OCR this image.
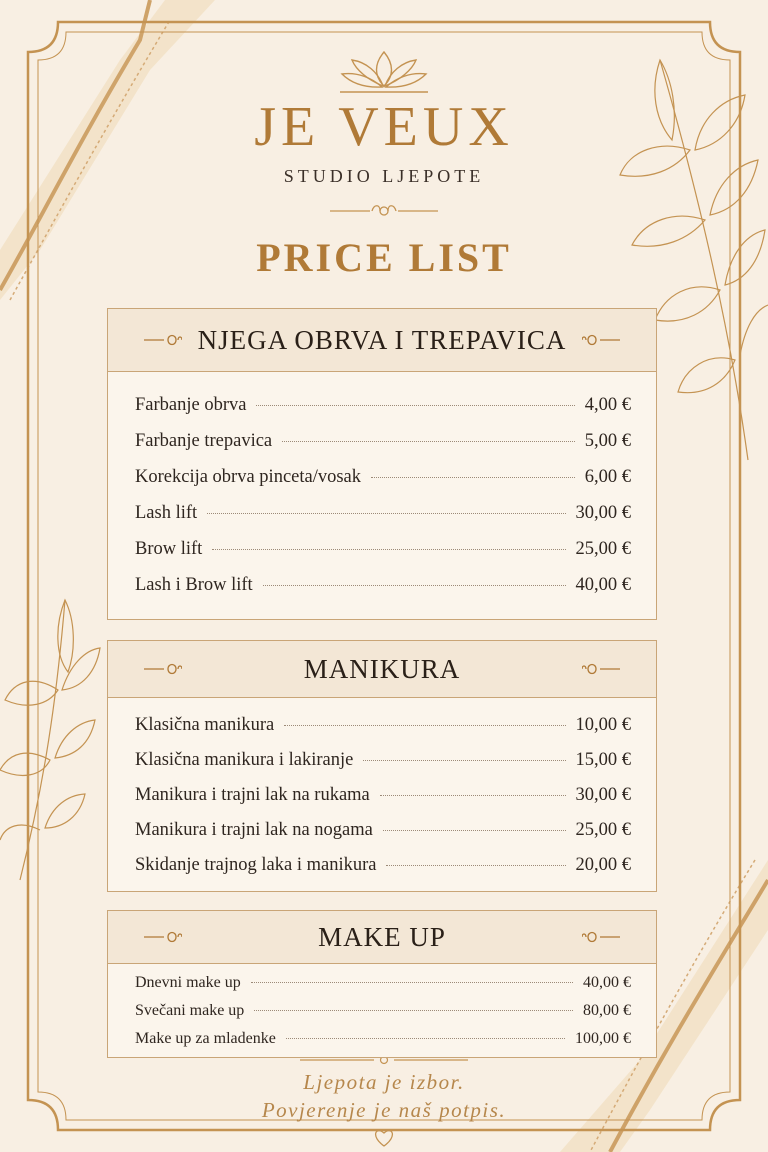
JE VEUX
STUDIO LJEPOTE
PRICE LIST
NJEGA OBRVA I TREPAVICA
Farbanje obrva	4,00 €
Farbanje trepavica	5,00 €
Korekcija obrva pinceta/vosak	6,00 €
Lash lift	30,00 €
Brow lift	25,00 €
Lash i Brow lift	40,00 €
MANIKURA
Klasična manikura	10,00 €
Klasična manikura i lakiranje	15,00 €
Manikura i trajni lak na rukama	30,00 €
Manikura i trajni lak na nogama	25,00 €
Skidanje trajnog laka i manikura	20,00 €
MAKE UP
Dnevni make up	40,00 €
Svečani make up	80,00 €
Make up za mladenke	100,00 €
Ljepota je izbor.
Povjerenje je naš potpis.
